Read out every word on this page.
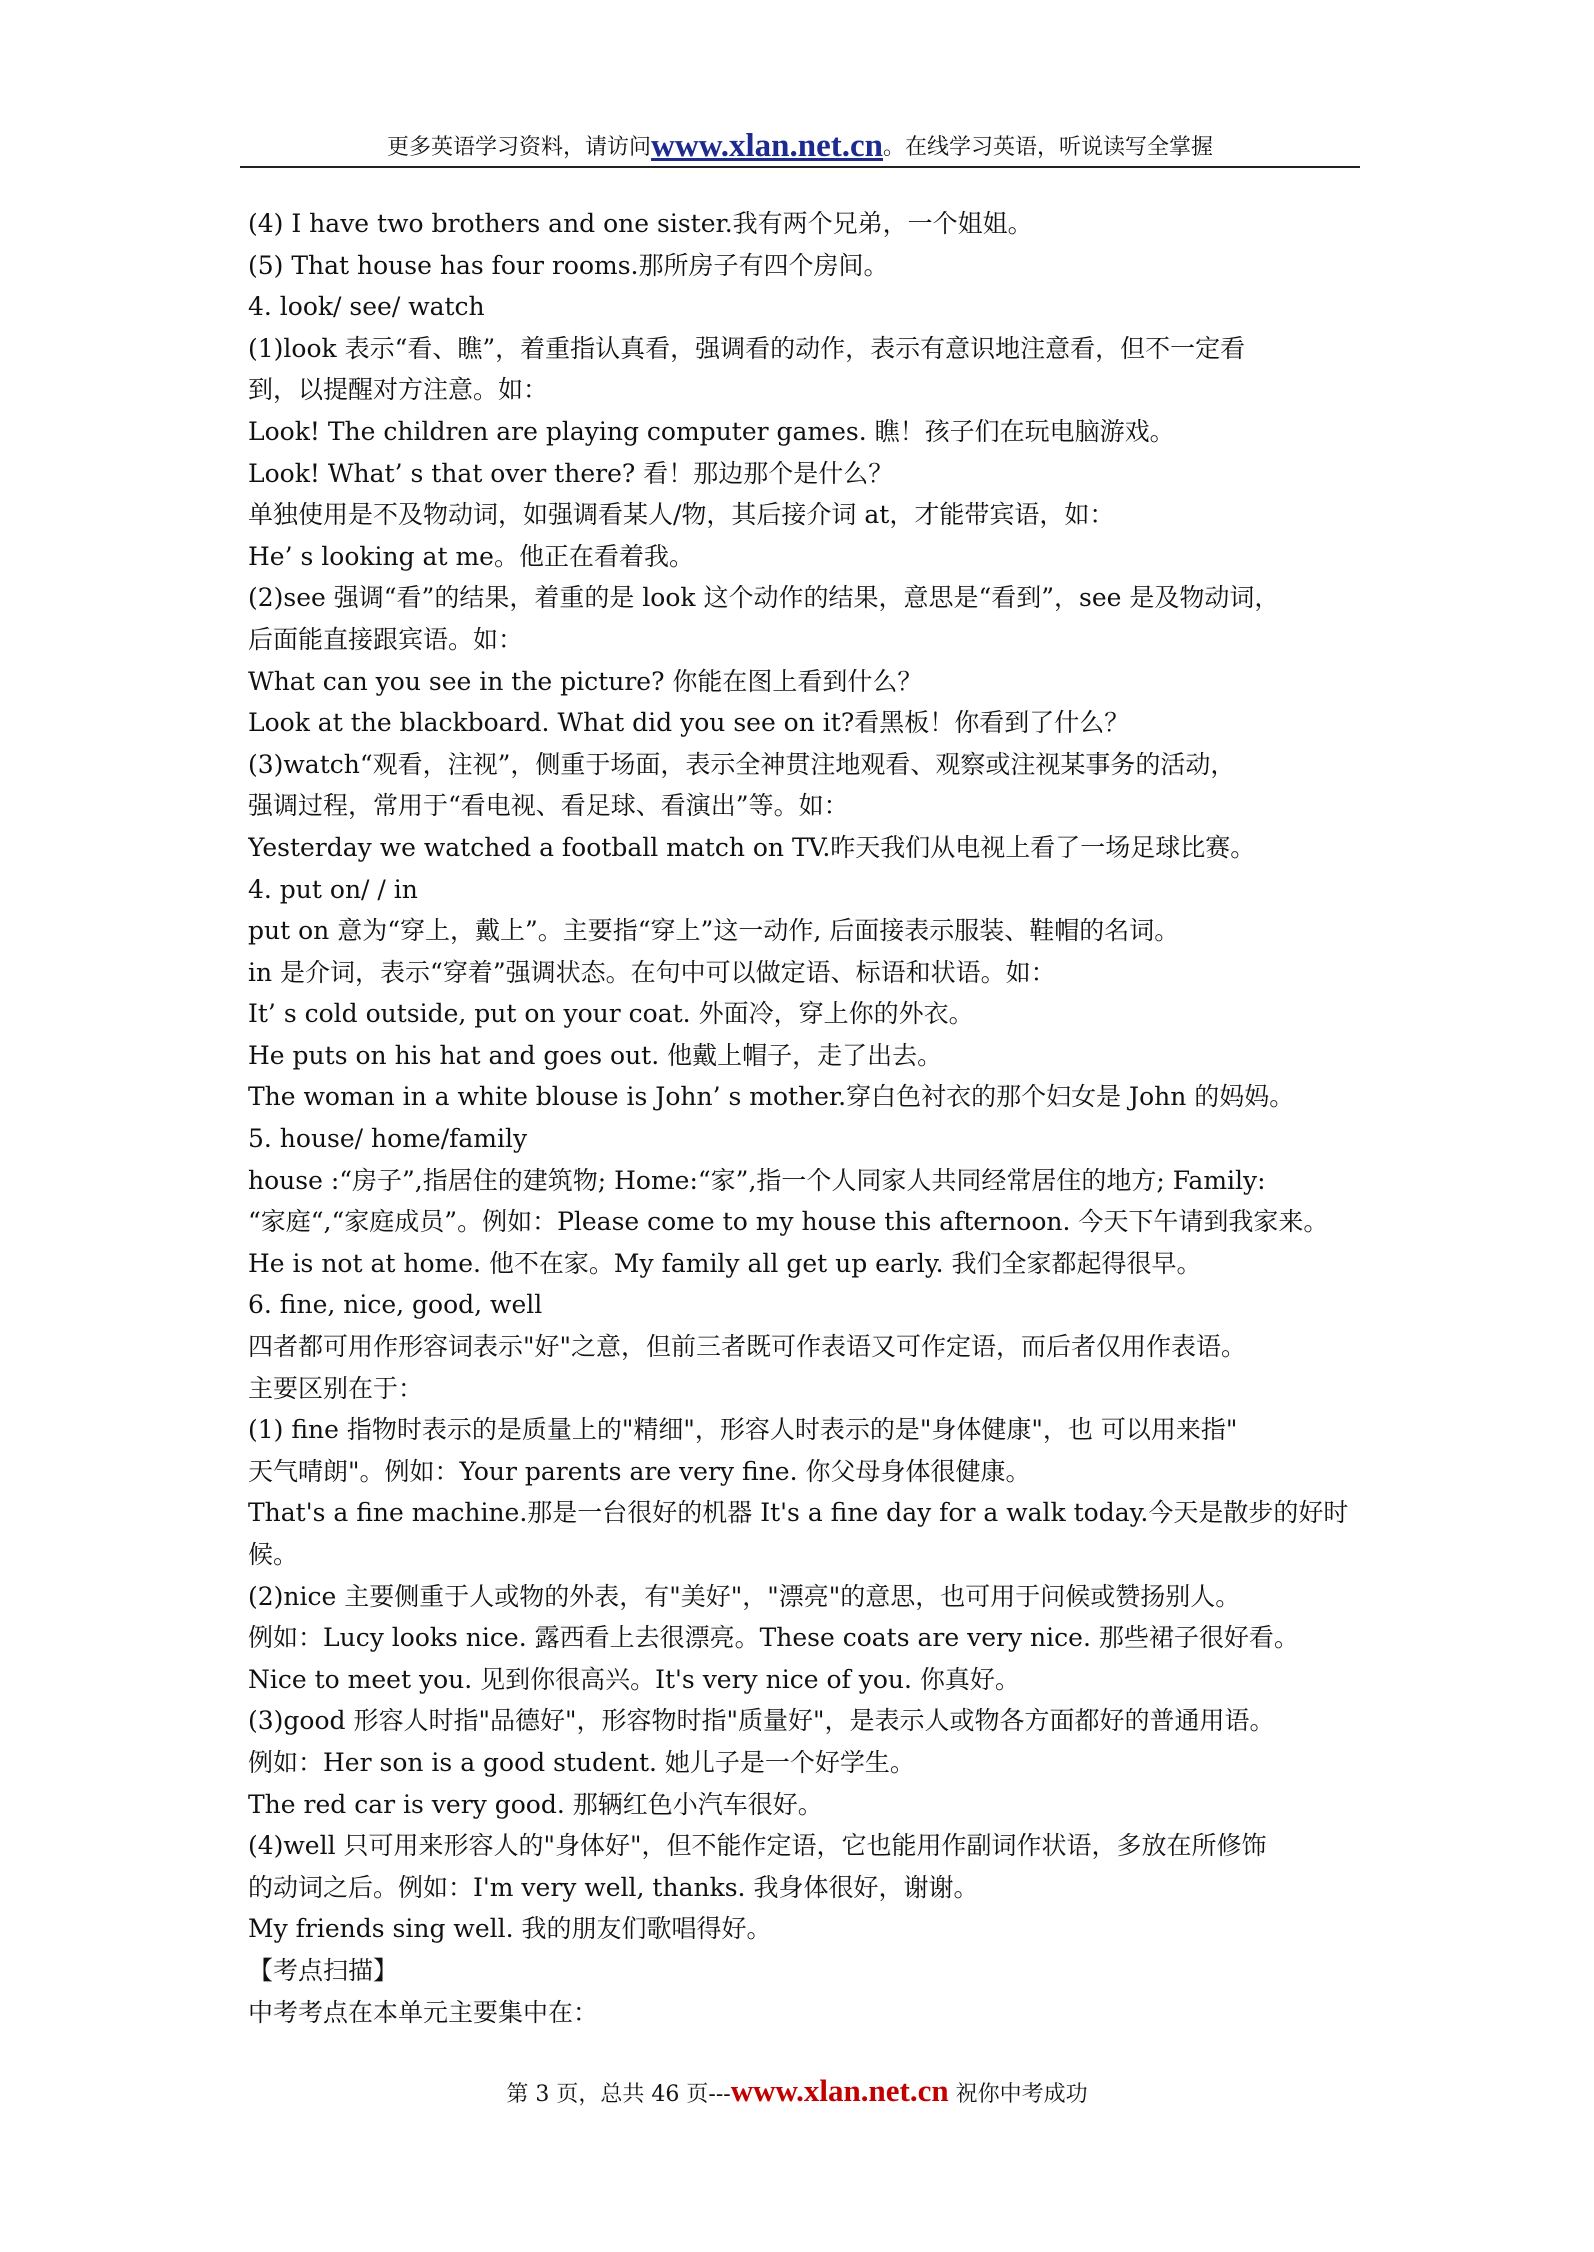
更多英语学习资料，请访问www.xlan.net.cn。在线学习英语，听说读写全掌握
(4) I have two brothers and one sister.我有两个兄弟，一个姐姐。
(5) That house has four rooms.那所房子有四个房间。
4. look/ see/ watch
(1)look 表示“看、瞧”，着重指认真看，强调看的动作，表示有意识地注意看，但不一定看
到，以提醒对方注意。如：
Look! The children are playing computer games. 瞧！孩子们在玩电脑游戏。
Look! What’ s that over there? 看！那边那个是什么？
单独使用是不及物动词，如强调看某人/物，其后接介词 at，才能带宾语，如：
He’ s looking at me。他正在看着我。
(2)see 强调“看”的结果，着重的是 look 这个动作的结果，意思是“看到”，see 是及物动词，
后面能直接跟宾语。如：
What can you see in the picture? 你能在图上看到什么？
Look at the blackboard. What did you see on it?看黑板！你看到了什么？
(3)watch“观看，注视”，侧重于场面，表示全神贯注地观看、观察或注视某事务的活动，
强调过程，常用于“看电视、看足球、看演出”等。如：
Yesterday we watched a football match on TV.昨天我们从电视上看了一场足球比赛。
4. put on/ / in
put on 意为“穿上，戴上”。主要指“穿上”这一动作, 后面接表示服装、鞋帽的名词。
in 是介词，表示“穿着”强调状态。在句中可以做定语、标语和状语。如：
It’ s cold outside, put on your coat. 外面冷，穿上你的外衣。
He puts on his hat and goes out. 他戴上帽子，走了出去。
The woman in a white blouse is John’ s mother.穿白色衬衣的那个妇女是 John 的妈妈。
5. house/ home/family
house :“房子”,指居住的建筑物; Home:“家”,指一个人同家人共同经常居住的地方; Family:
“家庭“,“家庭成员”。例如：Please come to my house this afternoon. 今天下午请到我家来。
He is not at home. 他不在家。My family all get up early. 我们全家都起得很早。
6. fine, nice, good, well
四者都可用作形容词表示"好"之意，但前三者既可作表语又可作定语，而后者仅用作表语。
主要区别在于：
(1) fine 指物时表示的是质量上的"精细"，形容人时表示的是"身体健康"，也 可以用来指"
天气晴朗"。例如：Your parents are very fine. 你父母身体很健康。
That's a fine machine.那是一台很好的机器 It's a fine day for a walk today.今天是散步的好时
候。
(2)nice 主要侧重于人或物的外表，有"美好"，"漂亮"的意思，也可用于问候或赞扬别人。
例如：Lucy looks nice. 露西看上去很漂亮。These coats are very nice. 那些裙子很好看。
Nice to meet you. 见到你很高兴。It's very nice of you. 你真好。
(3)good 形容人时指"品德好"，形容物时指"质量好"，是表示人或物各方面都好的普通用语。
例如：Her son is a good student. 她儿子是一个好学生。
The red car is very good. 那辆红色小汽车很好。
(4)well 只可用来形容人的"身体好"，但不能作定语，它也能用作副词作状语，多放在所修饰
的动词之后。例如：I'm very well, thanks. 我身体很好，谢谢。
My friends sing well. 我的朋友们歌唱得好。
【考点扫描】
中考考点在本单元主要集中在：
第 3 页，总共 46 页---www.xlan.net.cn 祝你中考成功
